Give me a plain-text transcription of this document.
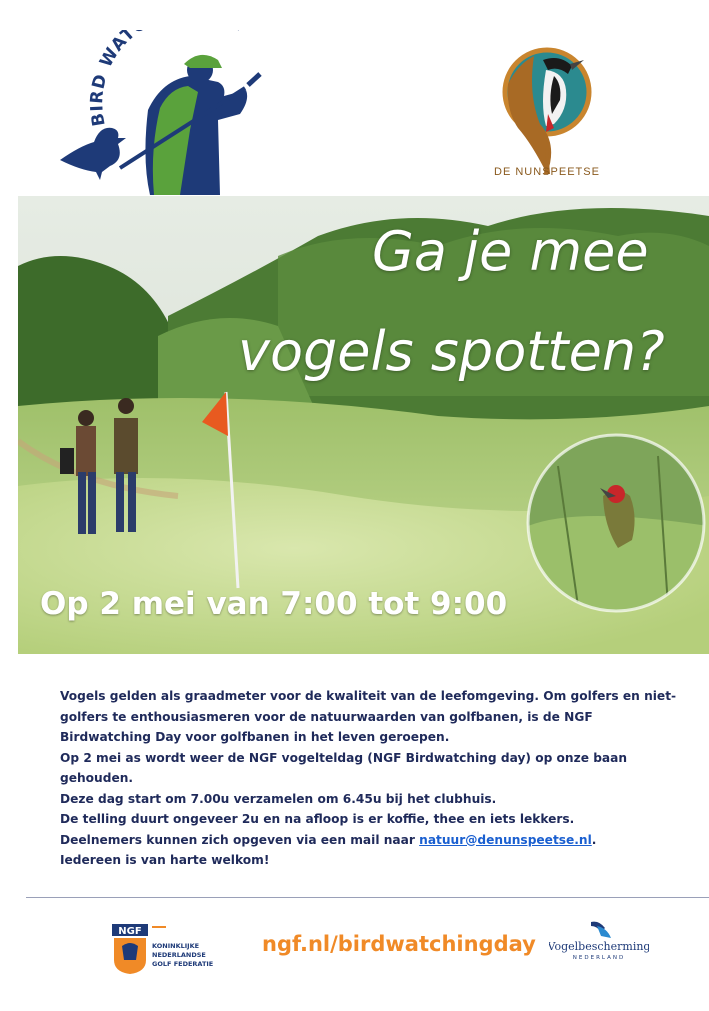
BIRD WAT
DE NUNSPEETSE
Ga je mee
vogels spotten?
Op 2 mei van 7:00 tot 9:00

Vogels gelden als graadmeter voor de kwaliteit van de leefomgeving. Om golfers en niet-golfers te enthousiasmeren voor de natuurwaarden van golfbanen, is de NGF Birdwatching Day voor golfbanen in het leven geroepen.

Op 2 mei as wordt weer de NGF vogelteldag (NGF Birdwatching day) op onze baan gehouden.

Deze dag start om 7.00u verzamelen om 6.45u bij het clubhuis.

De telling duurt ongeveer 2u en na afloop is er koffie, thee en iets lekkers.

Deelnemers kunnen zich opgeven via een mail naar natuur@denunspeetse.nl.

Iedereen is van harte welkom!

NGF
KONINKLIJKE
NEDERLANDSE
GOLF FEDERATIE
ngf.nl/birdwatchingday Vogelbescherming
NEDERLAND
